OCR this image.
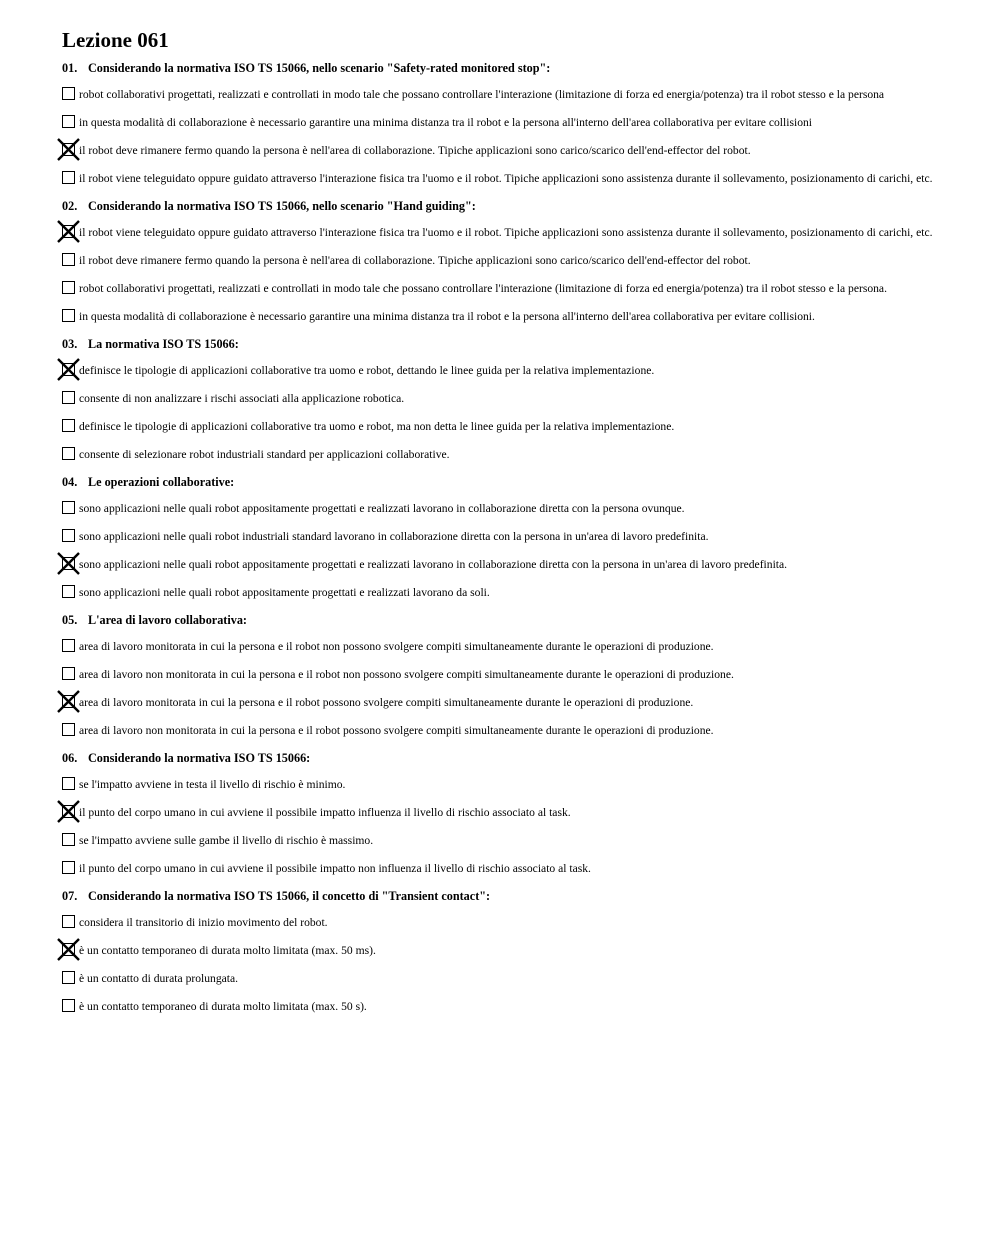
Lezione 061
01. Considerando la normativa ISO TS 15066, nello scenario "Safety-rated monitored stop":
robot collaborativi progettati, realizzati e controllati in modo tale che possano controllare l'interazione (limitazione di forza ed energia/potenza) tra il robot stesso e la persona
in questa modalità di collaborazione è necessario garantire una minima distanza tra il robot e la persona all'interno dell'area collaborativa per evitare collisioni
il robot deve rimanere fermo quando la persona è nell'area di collaborazione. Tipiche applicazioni sono carico/scarico dell'end-effector del robot.
il robot viene teleguidato oppure guidato attraverso l'interazione fisica tra l'uomo e il robot. Tipiche applicazioni sono assistenza durante il sollevamento, posizionamento di carichi, etc.
02. Considerando la normativa ISO TS 15066, nello scenario "Hand guiding":
il robot viene teleguidato oppure guidato attraverso l'interazione fisica tra l'uomo e il robot. Tipiche applicazioni sono assistenza durante il sollevamento, posizionamento di carichi, etc.
il robot deve rimanere fermo quando la persona è nell'area di collaborazione. Tipiche applicazioni sono carico/scarico dell'end-effector del robot.
robot collaborativi progettati, realizzati e controllati in modo tale che possano controllare l'interazione (limitazione di forza ed energia/potenza) tra il robot stesso e la persona.
in questa modalità di collaborazione è necessario garantire una minima distanza tra il robot e la persona all'interno dell'area collaborativa per evitare collisioni.
03. La normativa ISO TS 15066:
definisce le tipologie di applicazioni collaborative tra uomo e robot, dettando le linee guida per la relativa implementazione.
consente di non analizzare i rischi associati alla applicazione robotica.
definisce le tipologie di applicazioni collaborative tra uomo e robot, ma non detta le linee guida per la relativa implementazione.
consente di selezionare robot industriali standard per applicazioni collaborative.
04. Le operazioni collaborative:
sono applicazioni nelle quali robot appositamente progettati e realizzati lavorano in collaborazione diretta con la persona ovunque.
sono applicazioni nelle quali robot industriali standard lavorano in collaborazione diretta con la persona in un'area di lavoro predefinita.
sono applicazioni nelle quali robot appositamente progettati e realizzati lavorano in collaborazione diretta con la persona in un'area di lavoro predefinita.
sono applicazioni nelle quali robot appositamente progettati e realizzati lavorano da soli.
05. L'area di lavoro collaborativa:
area di lavoro monitorata in cui la persona e il robot non possono svolgere compiti simultaneamente durante le operazioni di produzione.
area di lavoro non monitorata in cui la persona e il robot non possono svolgere compiti simultaneamente durante le operazioni di produzione.
area di lavoro monitorata in cui la persona e il robot possono svolgere compiti simultaneamente durante le operazioni di produzione.
area di lavoro non monitorata in cui la persona e il robot possono svolgere compiti simultaneamente durante le operazioni di produzione.
06. Considerando la normativa ISO TS 15066:
se l'impatto avviene in testa il livello di rischio è minimo.
il punto del corpo umano in cui avviene il possibile impatto influenza il livello di rischio associato al task.
se l'impatto avviene sulle gambe il livello di rischio è massimo.
il punto del corpo umano in cui avviene il possibile impatto non influenza il livello di rischio associato al task.
07. Considerando la normativa ISO TS 15066, il concetto di "Transient contact":
considera il transitorio di inizio movimento del robot.
è un contatto temporaneo di durata molto limitata (max. 50 ms).
è un contatto di durata prolungata.
è un contatto temporaneo di durata molto limitata (max. 50 s).
